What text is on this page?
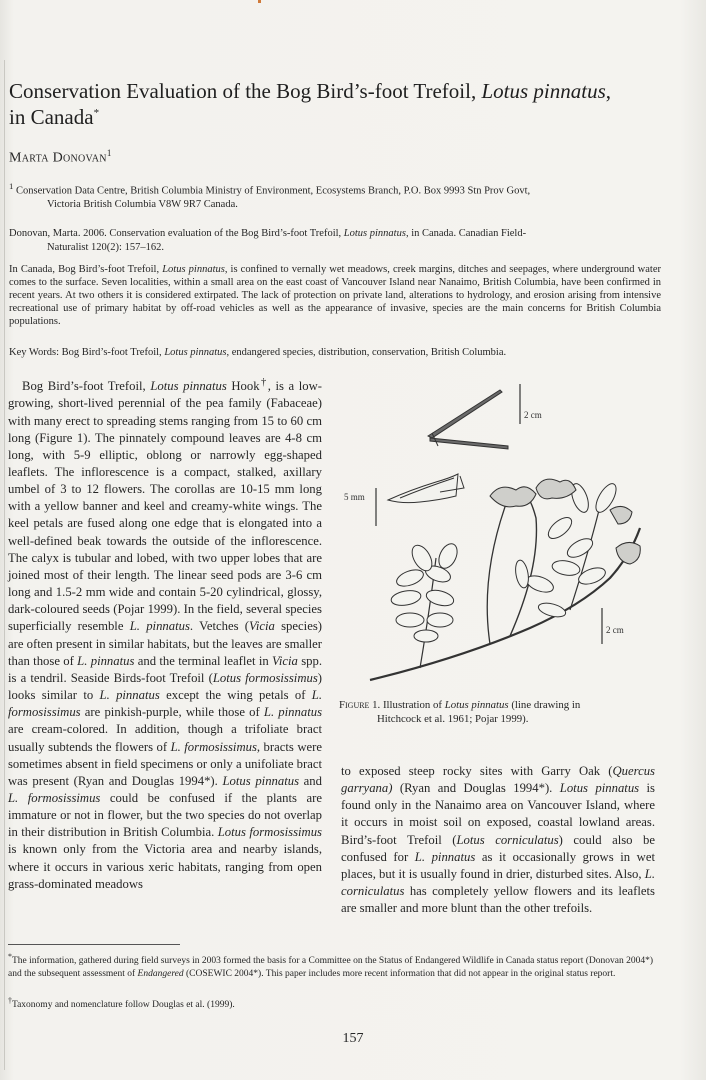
Conservation Evaluation of the Bog Bird’s-foot Trefoil, Lotus pinnatus,
in Canada*
Marta Donovan$^1$
$^1$ Conservation Data Centre, British Columbia Ministry of Environment, Ecosystems Branch, P.O. Box 9993 Stn Prov Govt,
Victoria British Columbia V8W 9R7 Canada.
Donovan, Marta. 2006. Conservation evaluation of the Bog Bird’s-foot Trefoil, Lotus pinnatus, in Canada. Canadian Field-
Naturalist 120(2): 157–162.
In Canada, Bog Bird’s-foot Trefoil, Lotus pinnatus, is confined to vernally wet meadows, creek margins, ditches and seepages, where underground water comes to the surface. Seven localities, within a small area on the east coast of Vancouver Island near Nanaimo, British Columbia, have been confirmed in recent years. At two others it is considered extirpated. The lack of protection on private land, alterations to hydrology, and erosion arising from intensive recreational use of primary habitat by off-road vehicles as well as the appearance of invasive, species are the main concerns for British Columbia populations.
Key Words: Bog Bird’s-foot Trefoil, Lotus pinnatus, endangered species, distribution, conservation, British Columbia.

Bog Bird’s-foot Trefoil, Lotus pinnatus Hook†, is a low-growing, short-lived perennial of the pea family (Fabaceae) with many erect to spreading stems ranging from 15 to 60 cm long (Figure 1). The pinnately compound leaves are 4-8 cm long, with 5-9 elliptic, oblong or narrowly egg-shaped leaflets. The inflorescence is a compact, stalked, axillary umbel of 3 to 12 flowers. The corollas are 10-15 mm long with a yellow banner and keel and creamy-white wings. The keel petals are fused along one edge that is elongated into a well-defined beak towards the outside of the inflorescence. The calyx is tubular and lobed, with two upper lobes that are joined most of their length. The linear seed pods are 3-6 cm long and 1.5-2 mm wide and contain 5-20 cylindrical, glossy, dark-coloured seeds (Pojar 1999). In the field, several species superficially resemble L. pinnatus. Vetches (Vicia species) are often present in similar habitats, but the leaves are smaller than those of L. pinnatus and the terminal leaflet in Vicia spp. is a tendril. Seaside Birds-foot Trefoil (Lotus formosissimus) looks similar to L. pinnatus except the wing petals of L. formosissimus are pinkish-purple, while those of L. pinnatus are cream-colored. In addition, though a trifoliate bract usually subtends the flowers of L. formosissimus, bracts were sometimes absent in field specimens or only a unifoliate bract was present (Ryan and Douglas 1994*). Lotus pinnatus and L. formosissimus could be confused if the plants are immature or not in flower, but the two species do not overlap in their distribution in British Columbia. Lotus formosissimus is known only from the Victoria area and nearby islands, where it occurs in various xeric habitats, ranging from open grass-dominated meadows

2 cm
5 mm
2 cm
Figure 1. Illustration of Lotus pinnatus (line drawing in
Hitchcock et al. 1961; Pojar 1999).

to exposed steep rocky sites with Garry Oak (Quercus garryana) (Ryan and Douglas 1994*). Lotus pinnatus is found only in the Nanaimo area on Vancouver Island, where it occurs in moist soil on exposed, coastal lowland areas. Bird’s-foot Trefoil (Lotus corniculatus) could also be confused for L. pinnatus as it occasionally grows in wet places, but it is usually found in drier, disturbed sites. Also, L. corniculatus has completely yellow flowers and its leaflets are smaller and more blunt than the other trefoils.

*The information, gathered during field surveys in 2003 formed the basis for a Committee on the Status of Endangered Wildlife in Canada status report (Donovan 2004*) and the subsequent assessment of Endangered (COSEWIC 2004*). This paper includes more recent information that did not appear in the original status report.
†Taxonomy and nomenclature follow Douglas et al. (1999).
157
